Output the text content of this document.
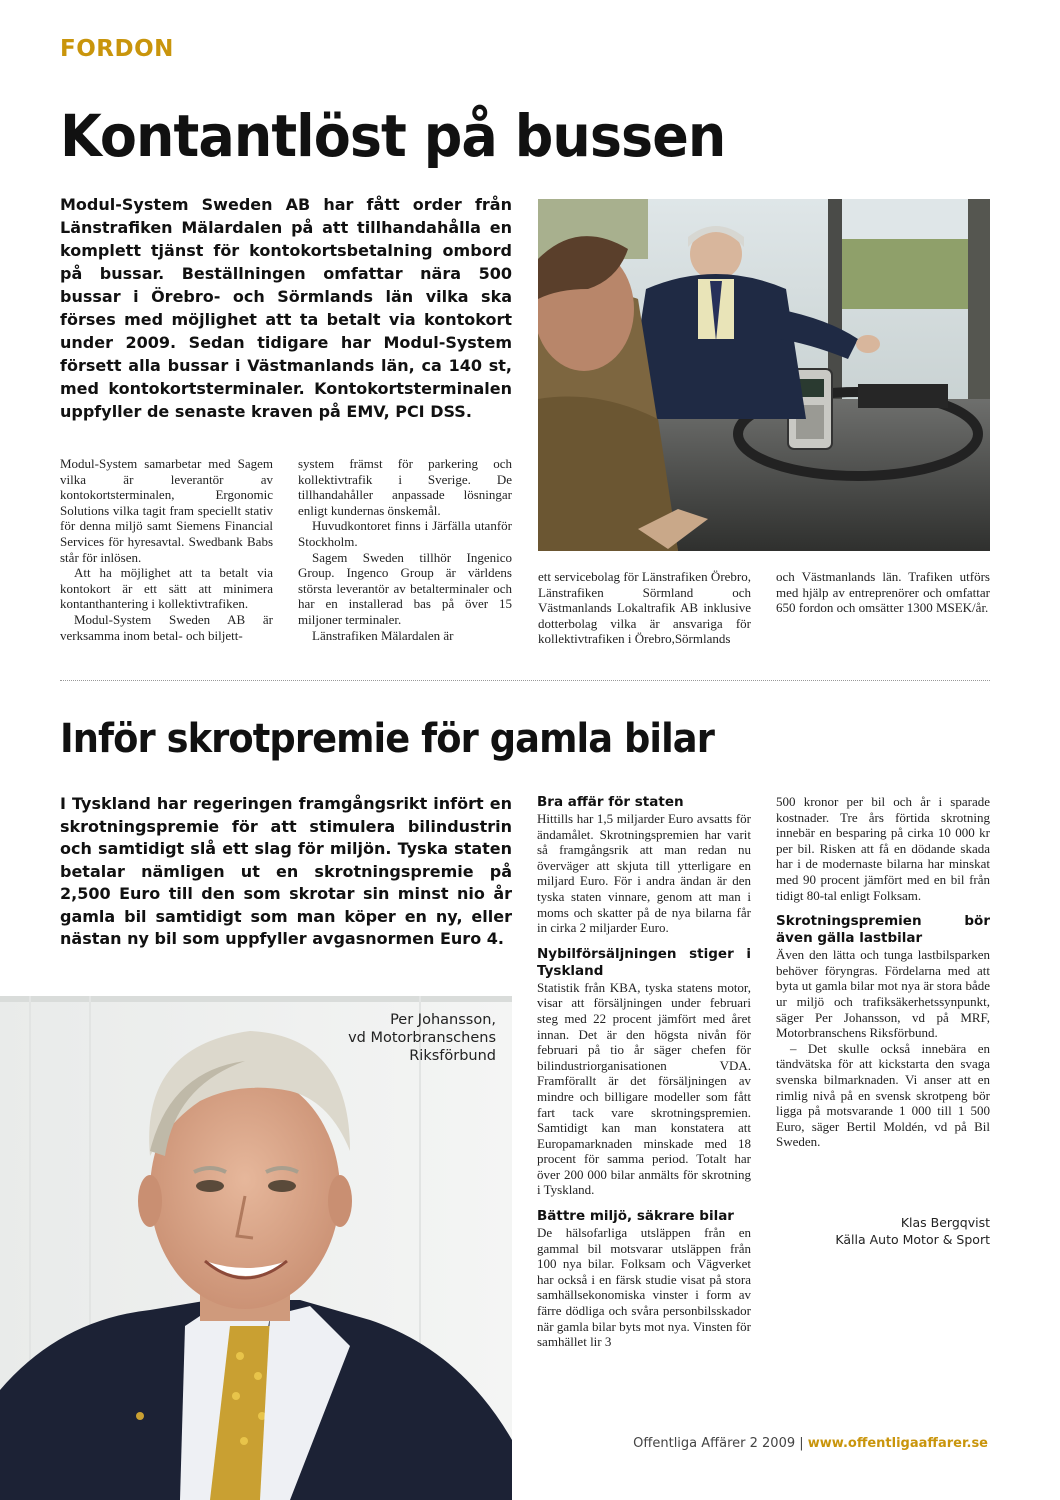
FORDON
Kontantlöst på bussen
Modul-System Sweden AB har fått order från Länstrafiken Mälardalen på att tillhandahålla en komplett tjänst för kontokortsbetalning ombord på bussar. Beställningen omfattar nära 500 bussar i Örebro- och Sörmlands län vilka ska förses med möjlighet att ta betalt via kontokort under 2009. Sedan tidigare har Modul-System försett alla bussar i Västmanlands län, ca 140 st, med kontokortsterminaler. Kontokortsterminalen uppfyller de senaste kraven på EMV, PCI DSS.

Modul-System samarbetar med Sagem vilka är leverantör av kontokortsterminalen, Ergonomic Solutions vilka tagit fram speciellt stativ för denna miljö samt Siemens Financial Services för hyresavtal. Swedbank Babs står för inlösen.

Att ha möjlighet att ta betalt via kontokort är ett sätt att minimera kontanthantering i kollektivtrafiken.

Modul-System Sweden AB är verksamma inom betal- och biljett-

system främst för parkering och kollektivtrafik i Sverige. De tillhandahåller anpassade lösningar enligt kundernas önskemål.

Huvudkontoret finns i Järfälla utanför Stockholm.

Sagem Sweden tillhör Ingenico Group. Ingenco Group är världens största leverantör av betalterminaler och har en installerad bas på över 15 miljoner terminaler.

Länstrafiken Mälardalen är

ett servicebolag för Länstrafiken Örebro, Länstrafiken Sörmland och Västmanlands Lokaltrafik AB inklusive dotterbolag vilka är ansvariga för kollektivtrafiken i Örebro,Sörmlands

och Västmanlands län. Trafiken utförs med hjälp av entreprenörer och omfattar 650 fordon och omsätter 1300 MSEK/år.

Inför skrotpremie för gamla bilar
I Tyskland har regeringen framgångsrikt infört en skrotningspremie för att stimulera bilindustrin och samtidigt slå ett slag för miljön. Tyska staten betalar nämligen ut en skrotningspremie på 2,500 Euro till den som skrotar sin minst nio år gamla bil samtidigt som man köper en ny, eller nästan ny bil som uppfyller avgasnormen Euro 4.
Per Johansson,
vd Motorbranschens
Riksförbund
Bra affär för staten

Hittills har 1,5 miljarder Euro avsatts för ändamålet. Skrotningspremien har varit så framgångsrik att man redan nu överväger att skjuta till ytterligare en miljard Euro. För i andra ändan är den tyska staten vinnare, genom att man i moms och skatter på de nya bilarna får in cirka 2 miljarder Euro.

Nybilförsäljningen stiger i Tyskland

Statistik från KBA, tyska statens motor, visar att försäljningen under februari steg med 22 procent jämfört med året innan. Det är den högsta nivån för februari på tio år säger chefen för bilindustriorganisationen VDA. Framförallt är det försäljningen av mindre och billigare modeller som fått fart tack vare skrotningspremien. Samtidigt kan man konstatera att Europamarknaden minskade med 18 procent för samma period. Totalt har över 200 000 bilar anmälts för skrotning i Tyskland.

Bättre miljö, säkrare bilar

De hälsofarliga utsläppen från en gammal bil motsvarar utsläppen från 100 nya bilar. Folksam och Vägverket har också i en färsk studie visat på stora samhällsekonomiska vinster i form av färre dödliga och svåra personbilsskador när gamla bilar byts mot nya. Vinsten för samhället lir 3

500 kronor per bil och år i sparade kostnader. Tre års förtida skrotning innebär en besparing på cirka 10 000 kr per bil. Risken att få en dödande skada har i de modernaste bilarna har minskat med 90 procent jämfört med en bil från tidigt 80-tal enligt Folksam.

Skrotningspremien bör även gälla lastbilar

Även den lätta och tunga lastbilsparken behöver föryngras. Fördelarna med att byta ut gamla bilar mot nya är stora både ur miljö och trafiksäkerhetssynpunkt, säger Per Johansson, vd på MRF, Motorbranschens Riksförbund.

– Det skulle också innebära en tändvätska för att kickstarta den svaga svenska bilmarknaden. Vi anser att en rimlig nivå på en svensk skrotpeng bör ligga på motsvarande 1 000 till 1 500 Euro, säger Bertil Moldén, vd på Bil Sweden.

Klas Bergqvist
Källa Auto Motor & Sport
Offentliga Affärer 2 2009 | www.offentligaaffarer.se
